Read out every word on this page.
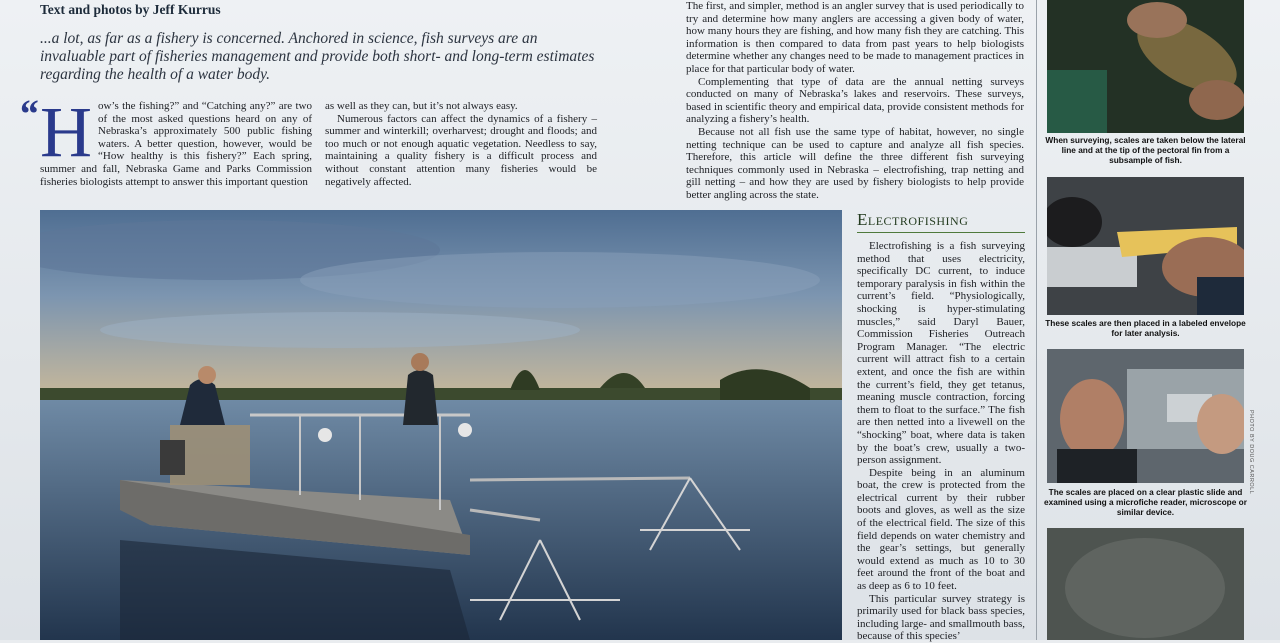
Text and photos by Jeff Kurrus
...a lot, as far as a fishery is concerned. Anchored in science, fish surveys are an invaluable part of fisheries management and provide both short- and long-term estimates regarding the health of a water body.
“ How’s the fishing?” and “Catching any?” are two of the most asked questions heard on any of Nebraska’s approximately 500 public fishing waters. A better question, however, would be “How healthy is this fishery?” Each spring, summer and fall, Nebraska Game and Parks Commission fisheries biologists attempt to answer this important question

as well as they can, but it’s not always easy.

Numerous factors can affect the dynamics of a fishery – summer and winterkill; overharvest; drought and floods; and too much or not enough aquatic vegetation. Needless to say, maintaining a quality fishery is a difficult process and without constant attention many fisheries would be negatively affected.

The first, and simpler, method is an angler survey that is used periodically to try and determine how many anglers are accessing a given body of water, how many hours they are fishing, and how many fish they are catching. This information is then compared to data from past years to help biologists determine whether any changes need to be made to management practices in place for that particular body of water.

Complementing that type of data are the annual netting surveys conducted on many of Nebraska’s lakes and reservoirs. These surveys, based in scientific theory and empirical data, provide consistent methods for analyzing a fishery’s health.

Because not all fish use the same type of habitat, however, no single netting technique can be used to capture and analyze all fish species. Therefore, this article will define the three different fish surveying techniques commonly used in Nebraska – electrofishing, trap netting and gill netting – and how they are used by fishery biologists to help provide better angling across the state.

Electrofishing

Electrofishing is a fish surveying method that uses electricity, specifically DC current, to induce temporary paralysis in fish within the current’s field. “Physiologically, shocking is hyper-stimulating muscles,” said Daryl Bauer, Commission Fisheries Outreach Program Manager. “The electric current will attract fish to a certain extent, and once the fish are within the current’s field, they get tetanus, meaning muscle contraction, forcing them to float to the surface.” The fish are then netted into a livewell on the “shocking” boat, where data is taken by the boat’s crew, usually a two-person assignment.

Despite being in an aluminum boat, the crew is protected from the electrical current by their rubber boots and gloves, as well as the size of the electrical field. The size of this field depends on water chemistry and the gear’s settings, but generally would extend as much as 10 to 30 feet around the front of the boat and as deep as 6 to 10 feet.

This particular survey strategy is primarily used for black bass species, including large- and smallmouth bass, because of this species’

When surveying, scales are taken below the lateral line and at the tip of the pectoral fin from a subsample of fish.
These scales are then placed in a labeled envelope for later analysis.
PHOTO BY DOUG CARROLL
The scales are placed on a clear plastic slide and examined using a microfiche reader, microscope or similar device.
